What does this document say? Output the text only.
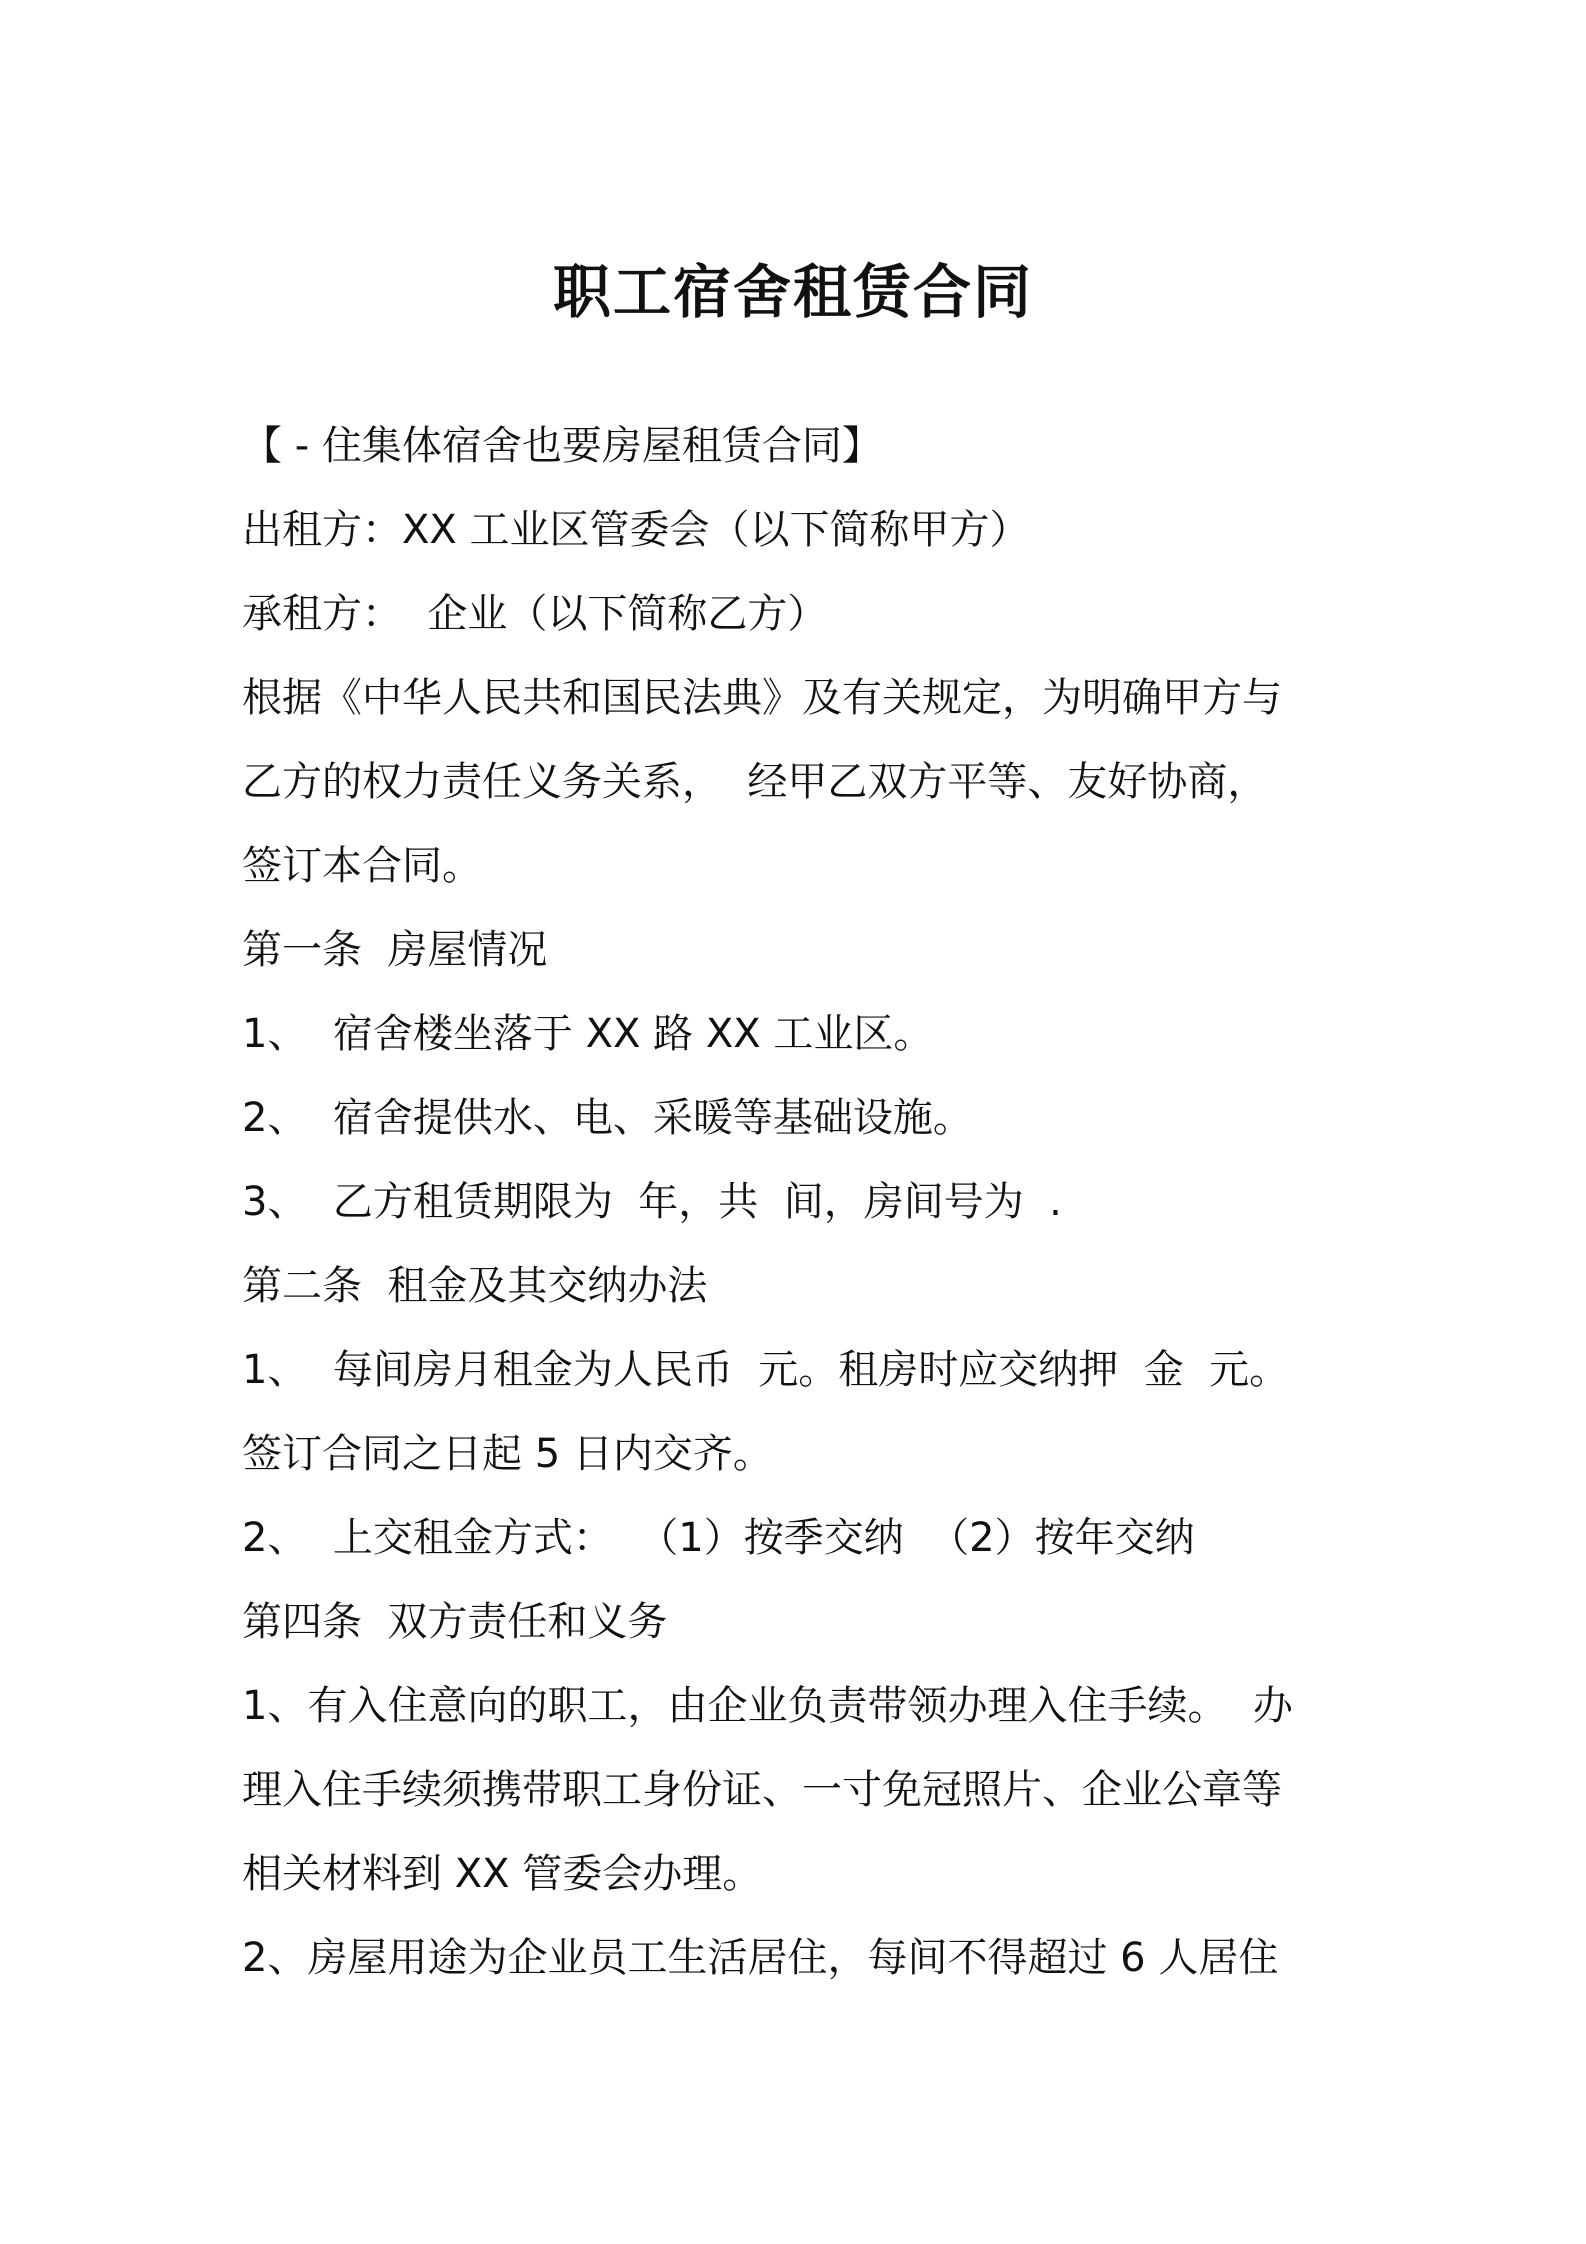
职工宿舍租赁合同

【 - 住集体宿舍也要房屋租赁合同】

出租方：XX 工业区管委会（以下简称甲方）

承租方：  企业（以下简称乙方）

根据《中华人民共和国民法典》及有关规定，为明确甲方与

乙方的权力责任义务关系，  经甲乙双方平等、友好协商，

签订本合同。

第一条  房屋情况

1、  宿舍楼坐落于 XX 路 XX 工业区。

2、  宿舍提供水、电、采暖等基础设施。

3、  乙方租赁期限为  年，共  间，房间号为  .

第二条  租金及其交纳办法

1、  每间房月租金为人民币  元。租房时应交纳押  金  元。

签订合同之日起 5 日内交齐。

2、  上交租金方式：  （1）按季交纳  （2）按年交纳

第四条  双方责任和义务

1、有入住意向的职工，由企业负责带领办理入住手续。  办

理入住手续须携带职工身份证、一寸免冠照片、企业公章等

相关材料到 XX 管委会办理。

2、房屋用途为企业员工生活居住，每间不得超过 6 人居住
